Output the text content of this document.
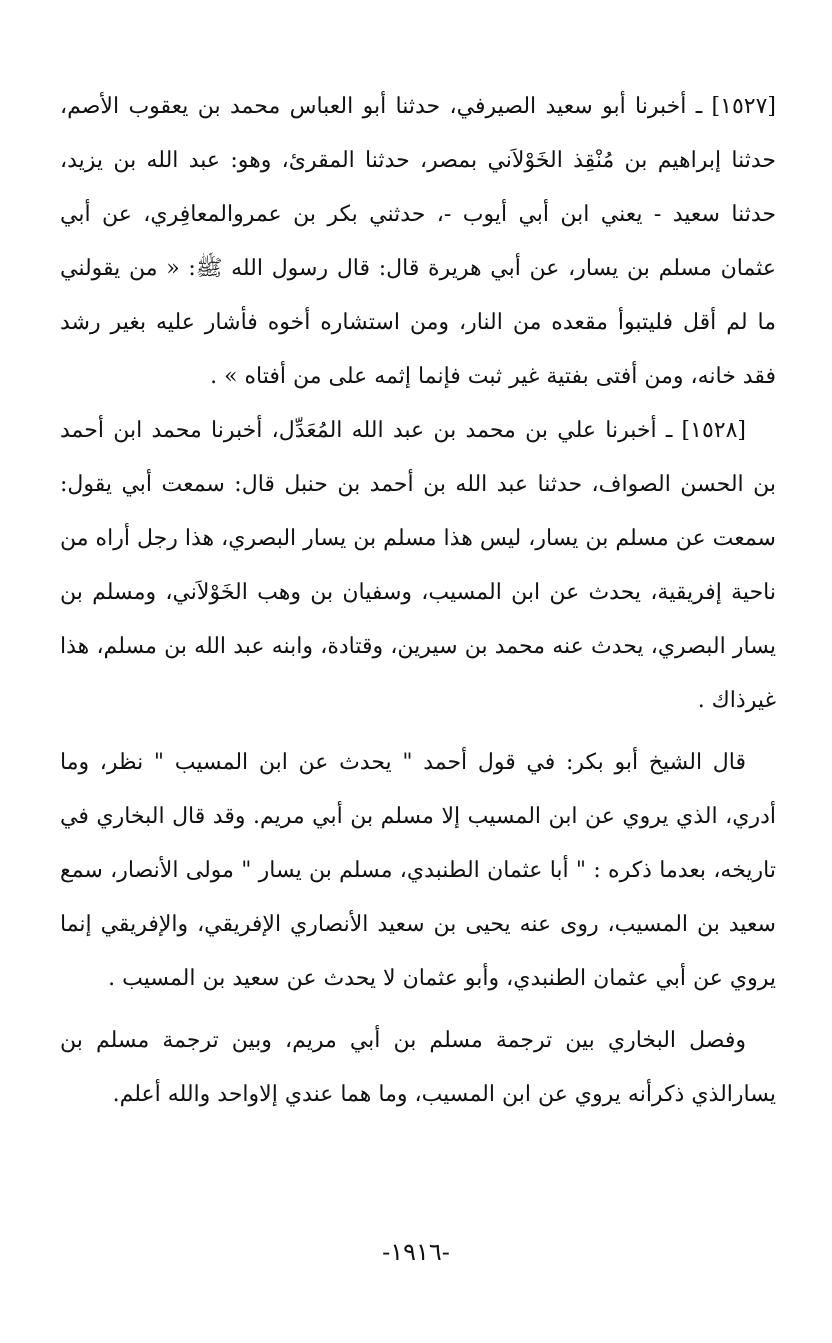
[١٥٢٧] ـ أخبرنا أبو سعيد الصيرفي، حدثنا أبو العباس محمد بن يعقوب الأصم، حدثنا إبراهيم بن مُنْقِذ الخَوْلاَني بمصر، حدثنا المقرئ، وهو: عبد الله بن يزيد، حدثنا سعيد - يعني ابن أبي أيوب -، حدثني بكر بن عمروالمعافِري، عن أبي عثمان مسلم بن يسار، عن أبي هريرة قال: قال رسول الله ﷺ: « من يقولني ما لم أقل فليتبوأ مقعده من النار، ومن استشاره أخوه فأشار عليه بغير رشد فقد خانه، ومن أفتى بفتية غير ثبت فإنما إثمه على من أفتاه » .

[١٥٢٨] ـ أخبرنا علي بن محمد بن عبد الله المُعَدِّل، أخبرنا محمد ابن أحمد بن الحسن الصواف، حدثنا عبد الله بن أحمد بن حنبل قال: سمعت أبي يقول: سمعت عن مسلم بن يسار، ليس هذا مسلم بن يسار البصري، هذا رجل أراه من ناحية إفريقية، يحدث عن ابن المسيب، وسفيان بن وهب الخَوْلاَني، ومسلم بن يسار البصري، يحدث عنه محمد بن سيرين، وقتادة، وابنه عبد الله بن مسلم، هذا غيرذاك .

قال الشيخ أبو بكر: في قول أحمد " يحدث عن ابن المسيب " نظر، وما أدري، الذي يروي عن ابن المسيب إلا مسلم بن أبي مريم. وقد قال البخاري في تاريخه، بعدما ذكره : " أبا عثمان الطنبدي، مسلم بن يسار " مولى الأنصار، سمع سعيد بن المسيب، روى عنه يحيى بن سعيد الأنصاري الإفريقي، والإفريقي إنما يروي عن أبي عثمان الطنبدي، وأبو عثمان لا يحدث عن سعيد بن المسيب .

وفصل البخاري بين ترجمة مسلم بن أبي مريم، وبين ترجمة مسلم بن يسارالذي ذكرأنه يروي عن ابن المسيب، وما هما عندي إلاواحد والله أعلم.

-١٩١٦-
